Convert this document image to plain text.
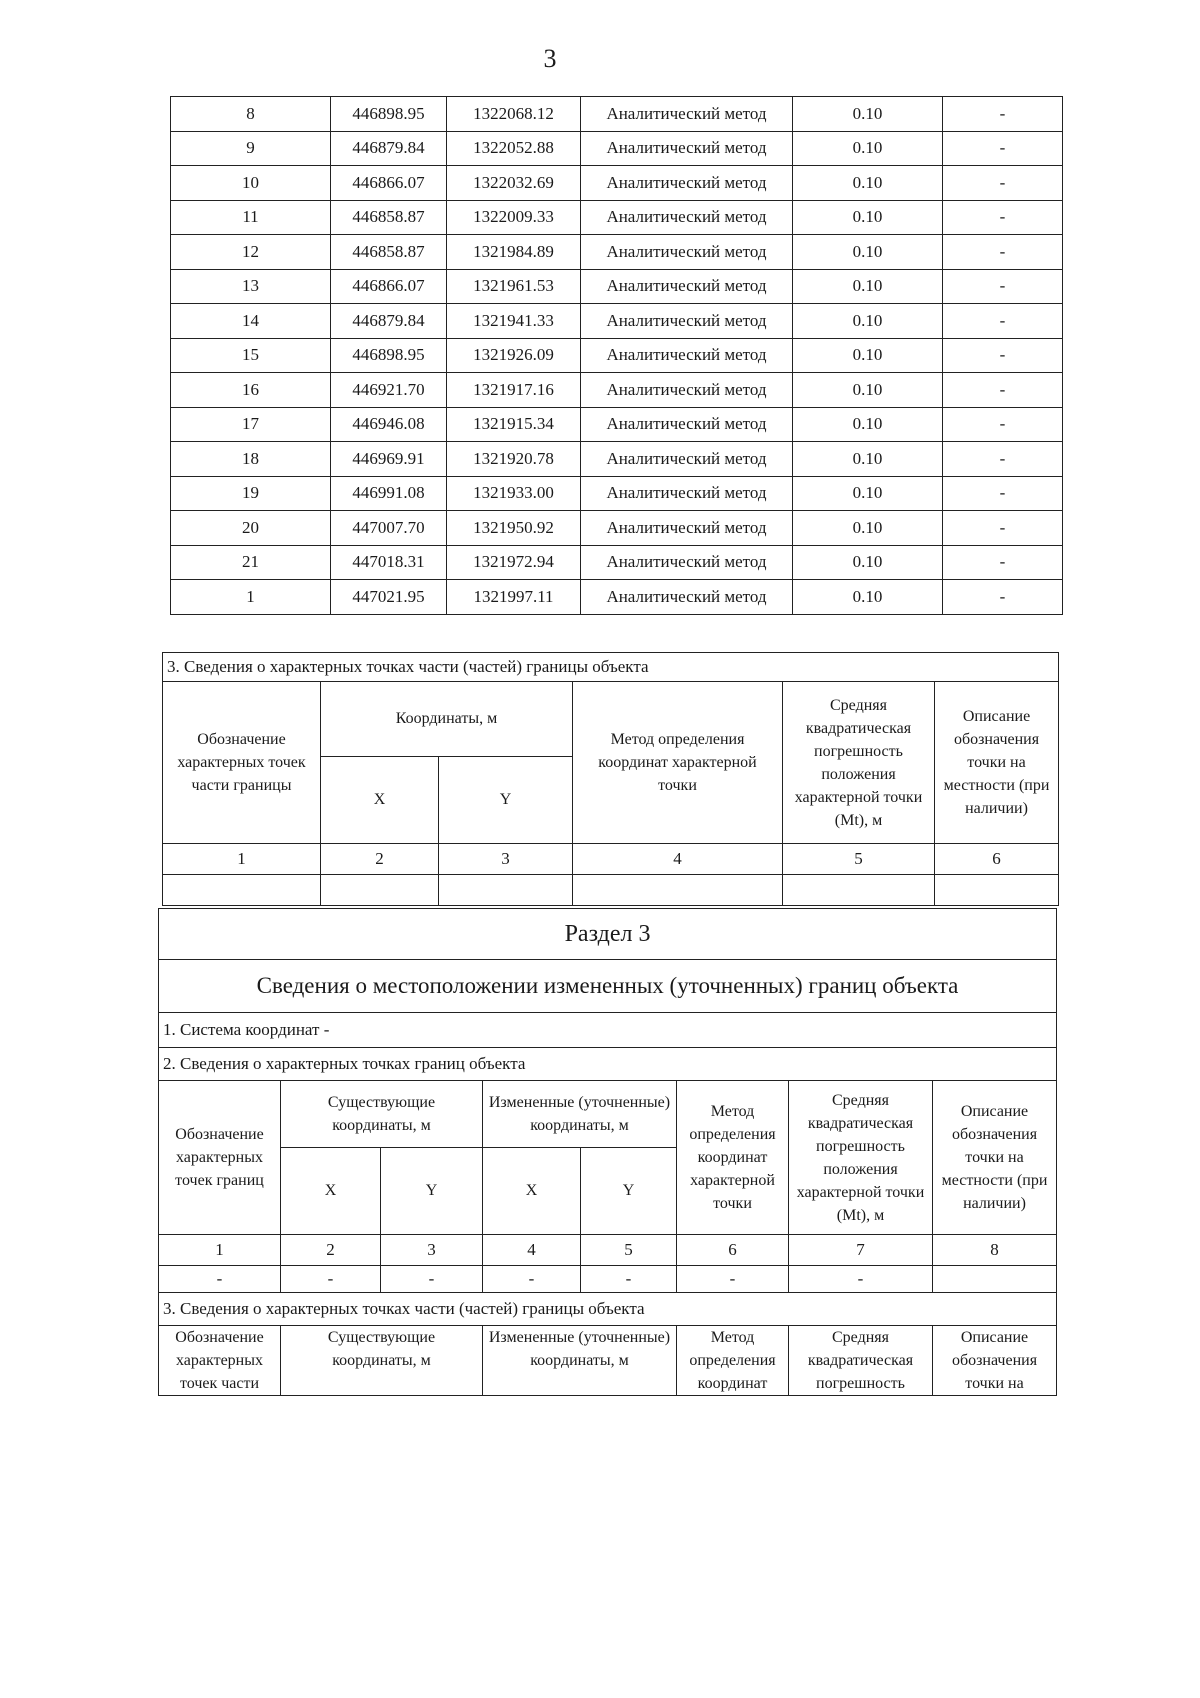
3
8	446898.95	1322068.12	Аналитический метод	0.10	-
9	446879.84	1322052.88	Аналитический метод	0.10	-
10	446866.07	1322032.69	Аналитический метод	0.10	-
11	446858.87	1322009.33	Аналитический метод	0.10	-
12	446858.87	1321984.89	Аналитический метод	0.10	-
13	446866.07	1321961.53	Аналитический метод	0.10	-
14	446879.84	1321941.33	Аналитический метод	0.10	-
15	446898.95	1321926.09	Аналитический метод	0.10	-
16	446921.70	1321917.16	Аналитический метод	0.10	-
17	446946.08	1321915.34	Аналитический метод	0.10	-
18	446969.91	1321920.78	Аналитический метод	0.10	-
19	446991.08	1321933.00	Аналитический метод	0.10	-
20	447007.70	1321950.92	Аналитический метод	0.10	-
21	447018.31	1321972.94	Аналитический метод	0.10	-
1	447021.95	1321997.11	Аналитический метод	0.10	-
3. Сведения о характерных точках части (частей) границы объекта					
Обозначение характерных точек части границы	Координаты, м		Метод определения координат характерной точки	Средняя квадратическая погрешность положения характерной точки (Mt), м	Описание обозначения точки на местности (при наличии)
	X	Y			
1	2	3	4	5	6

Раздел 3							
Сведения о местоположении измененных (уточненных) границ объекта							
1. Система координат -							
2. Сведения о характерных точках границ объекта							
Обозначение характерных точек границ	Существующие координаты, м		Измененные (уточненные) координаты, м		Метод определения координат характерной точки	Средняя квадратическая погрешность положения характерной точки (Mt), м	Описание обозначения точки на местности (при наличии)
	X	Y	X	Y			
1	2	3	4	5	6	7	8
-	-	-	-	-	-	-	
3. Сведения о характерных точках части (частей) границы объекта							
Обозначение характерных точек части	Существующие координаты, м		Измененные (уточненные) координаты, м		Метод определения координат	Средняя квадратическая погрешность	Описание обозначения точки на
